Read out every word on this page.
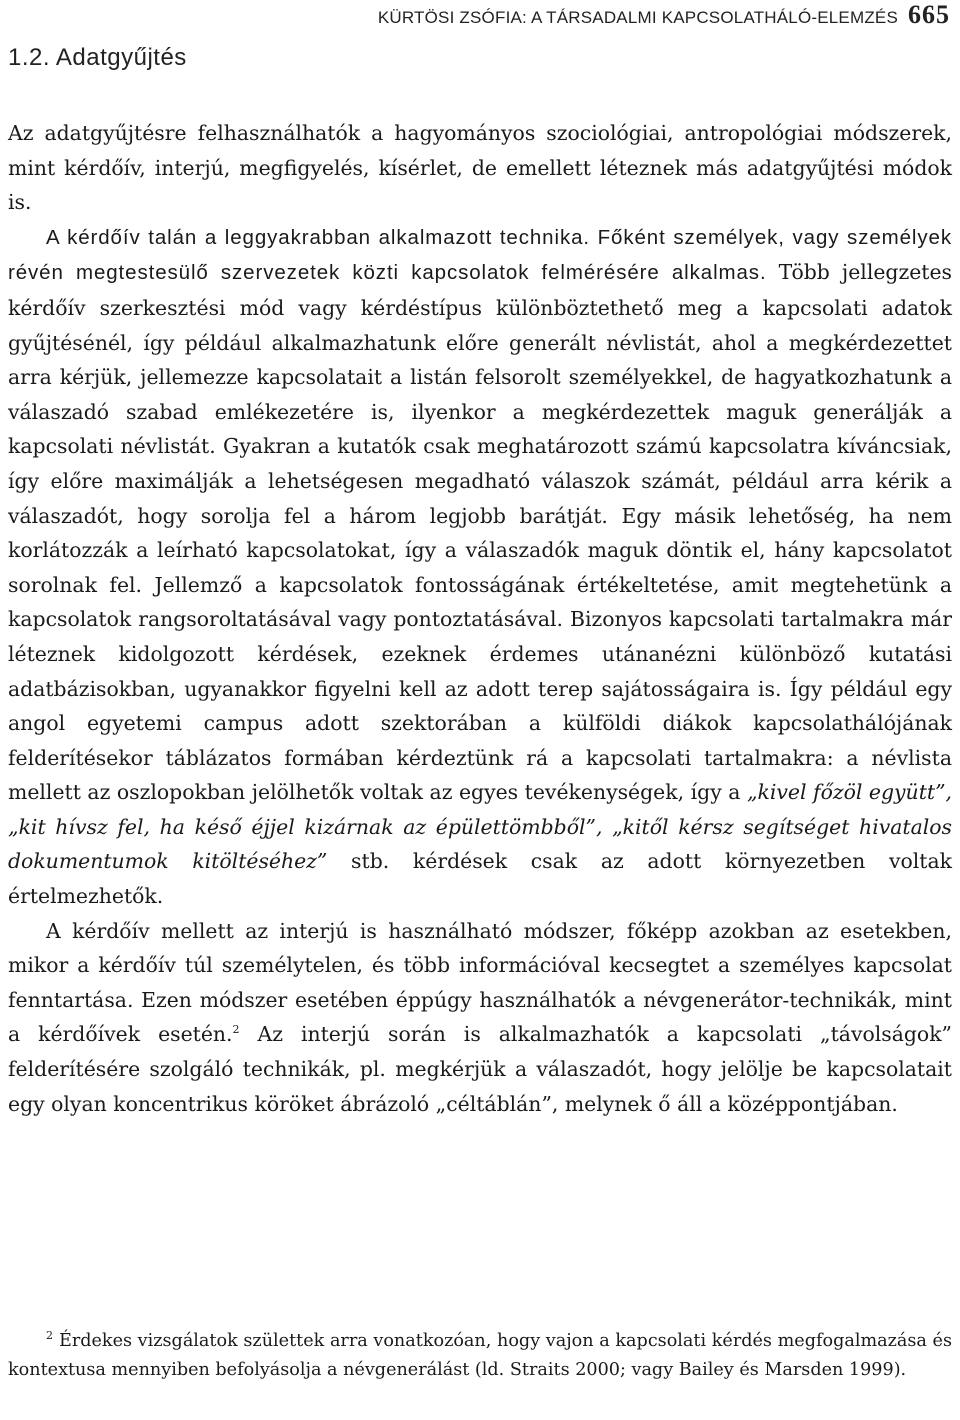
KÜRTÖSI ZSÓFIA: A TÁRSADALMI KAPCSOLATHÁLÓ-ELEMZÉS 665
1.2. Adatgyűjtés

Az adatgyűjtésre felhasználhatók a hagyományos szociológiai, antropológiai módszerek, mint kérdőív, interjú, megfigyelés, kísérlet, de emellett léteznek más adatgyűjtési módok is.

A kérdőív talán a leggyakrabban alkalmazott technika. Főként személyek, vagy személyek révén megtestesülő szervezetek közti kapcsolatok felmérésére alkalmas. Több jellegzetes kérdőív szerkesztési mód vagy kérdéstípus különböztethető meg a kapcsolati adatok gyűjtésénél, így például alkalmazhatunk előre generált névlistát, ahol a megkérdezettet arra kérjük, jellemezze kapcsolatait a listán felsorolt személyekkel, de hagyatkozhatunk a válaszadó szabad emlékezetére is, ilyenkor a megkérdezettek maguk generálják a kapcsolati névlistát. Gyakran a kutatók csak meghatározott számú kapcsolatra kíváncsiak, így előre maximálják a lehetségesen megadható válaszok számát, például arra kérik a válaszadót, hogy sorolja fel a három legjobb barátját. Egy másik lehetőség, ha nem korlátozzák a leírható kapcsolatokat, így a válaszadók maguk döntik el, hány kapcsolatot sorolnak fel. Jellemző a kapcsolatok fontosságának értékeltetése, amit megtehetünk a kapcsolatok rangsoroltatásával vagy pontoztatásával. Bizonyos kapcsolati tartalmakra már léteznek kidolgozott kérdések, ezeknek érdemes utánanézni különböző kutatási adatbázisokban, ugyanakkor figyelni kell az adott terep sajátosságaira is. Így például egy angol egyetemi campus adott szektorában a külföldi diákok kapcsolathálójának felderítésekor táblázatos formában kérdeztünk rá a kapcsolati tartalmakra: a névlista mellett az oszlopokban jelölhetők voltak az egyes tevékenységek, így a „kivel főzöl együtt”, „kit hívsz fel, ha késő éjjel kizárnak az épülettömbből”, „kitől kérsz segítséget hivatalos dokumentumok kitöltéséhez” stb. kérdések csak az adott környezetben voltak értelmezhetők.

A kérdőív mellett az interjú is használható módszer, főképp azokban az esetekben, mikor a kérdőív túl személytelen, és több információval kecsegtet a személyes kapcsolat fenntartása. Ezen módszer esetében éppúgy használhatók a névgenerátor-technikák, mint a kérdőívek esetén.$^2$ Az interjú során is alkalmazhatók a kapcsolati „távolságok” felderítésére szolgáló technikák, pl. megkérjük a válaszadót, hogy jelölje be kapcsolatait egy olyan koncentrikus köröket ábrázoló „céltáblán”, melynek ő áll a középpontjában.

$^2$ Érdekes vizsgálatok születtek arra vonatkozóan, hogy vajon a kapcsolati kérdés megfogalmazása és kontextusa mennyiben befolyásolja a névgenerálást (ld. Straits 2000; vagy Bailey és Marsden 1999).
